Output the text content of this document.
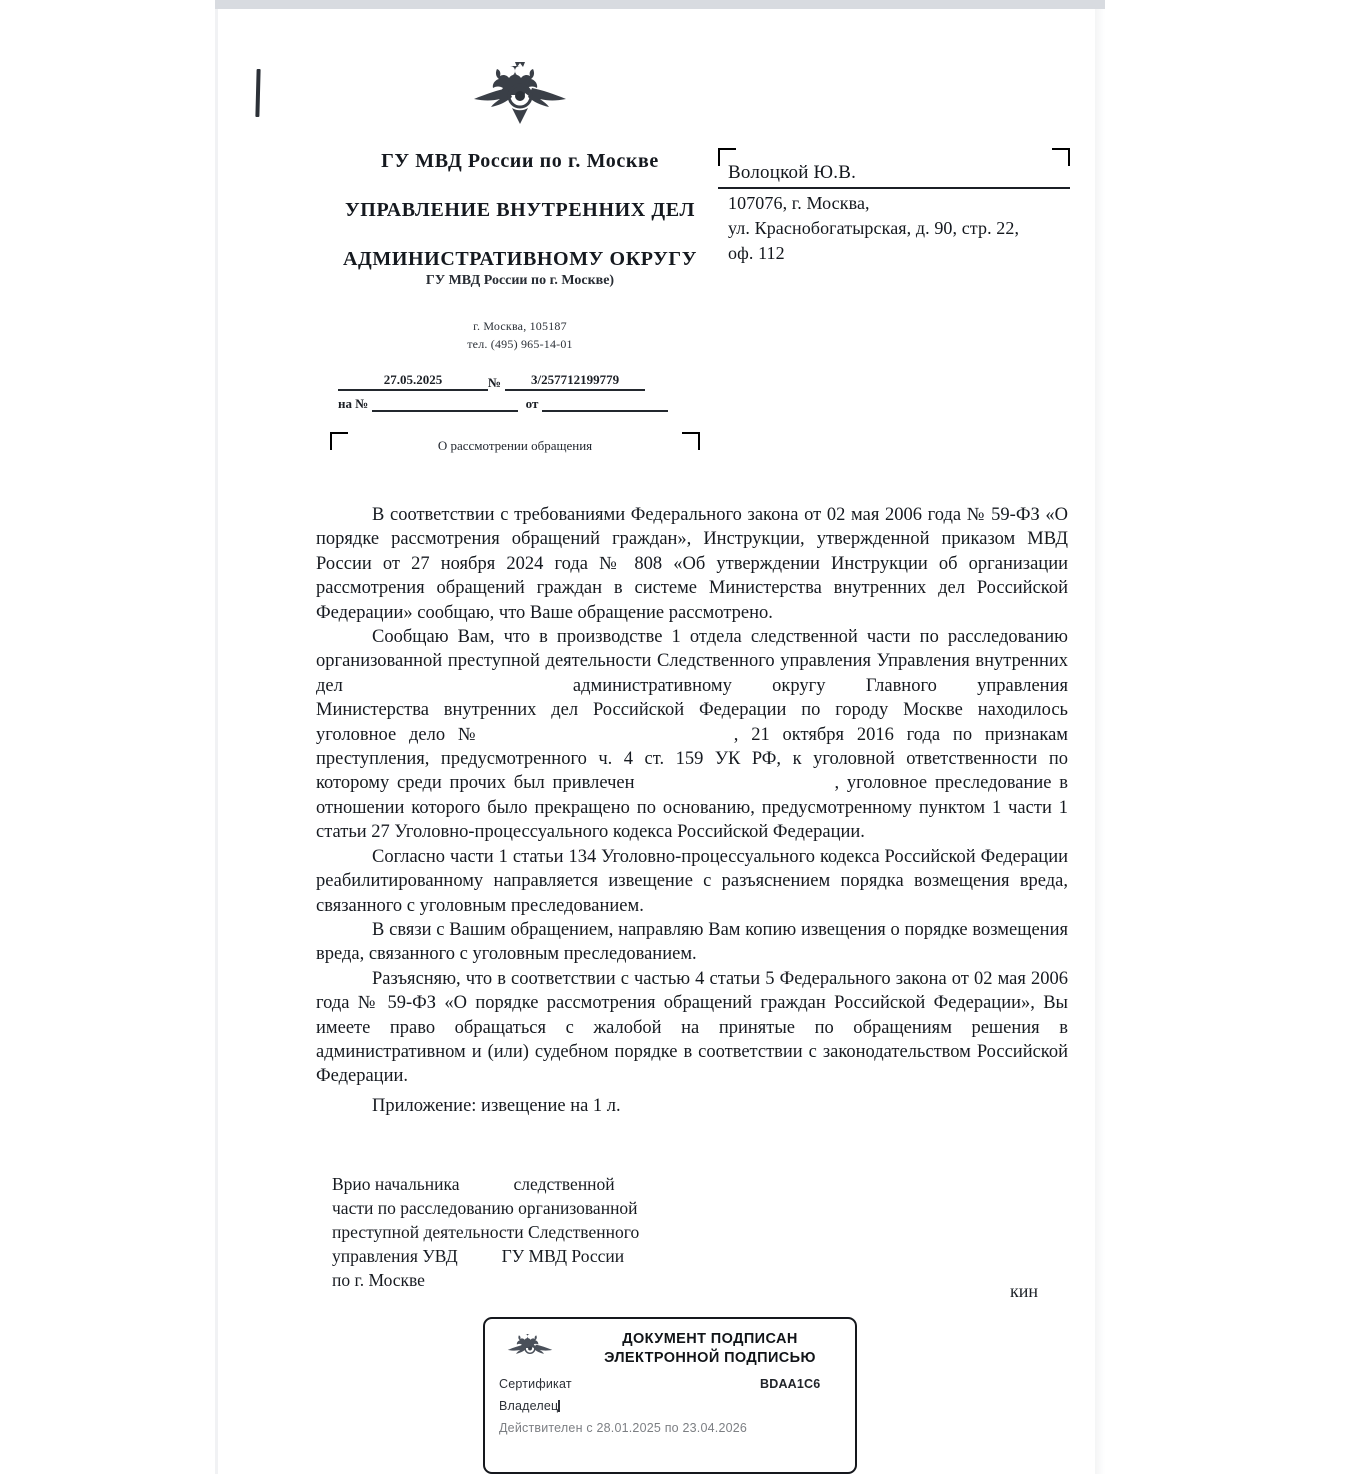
ГУ МВД России по г. Москве
УПРАВЛЕНИЕ ВНУТРЕННИХ ДЕЛ
АДМИНИСТРАТИВНОМУ ОКРУГУ
ГУ МВД России по г. Москве)
г. Москва, 105187
тел. (495) 965-14-01
27.05.2025	№	3/257712199779
на №	от
О рассмотрении обращения
Волоцкой Ю.В.
107076, г. Москва,
ул. Краснобогатырская, д. 90, стр. 22,
оф. 112

В соответствии с требованиями Федерального закона от 02 мая 2006 года № 59-ФЗ «О порядке рассмотрения обращений граждан», Инструкции, утвержденной приказом МВД России от 27 ноября 2024 года № 808 «Об утверждении Инструкции об организации рассмотрения обращений граждан в системе Министерства внутренних дел Российской Федерации» сообщаю, что Ваше обращение рассмотрено.

Сообщаю Вам, что в производстве 1 отдела следственной части по расследованию организованной преступной деятельности Следственного управления Управления внутренних дел	административному округу Главного управления Министерства внутренних дел Российской Федерации по городу Москве находилось уголовное дело №	, 21 октября 2016 года по признакам преступления, предусмотренного ч. 4 ст. 159 УК РФ, к уголовной ответственности по которому среди прочих был привлечен	, уголовное преследование в отношении которого было прекращено по основанию, предусмотренному пунктом 1 части 1 статьи 27 Уголовно-процессуального кодекса Российской Федерации.

Согласно части 1 статьи 134 Уголовно-процессуального кодекса Российской Федерации реабилитированному направляется извещение с разъяснением порядка возмещения вреда, связанного с уголовным преследованием.

В связи с Вашим обращением, направляю Вам копию извещения о порядке возмещения вреда, связанного с уголовным преследованием.

Разъясняю, что в соответствии с частью 4 статьи 5 Федерального закона от 02 мая 2006 года № 59-ФЗ «О порядке рассмотрения обращений граждан Российской Федерации», Вы имеете право обращаться с жалобой на принятые по обращениям решения в административном и (или) судебном порядке в соответствии с законодательством Российской Федерации.

Приложение: извещение на 1 л.
Врио начальника	следственной
части по расследованию организованной
преступной деятельности Следственного
управления УВД	ГУ МВД России
по г. Москве
кин
ДОКУМЕНТ ПОДПИСАН
ЭЛЕКТРОННОЙ ПОДПИСЬЮ
Сертификат	BDAA1C6
Владелец
Действителен с 28.01.2025 по 23.04.2026
